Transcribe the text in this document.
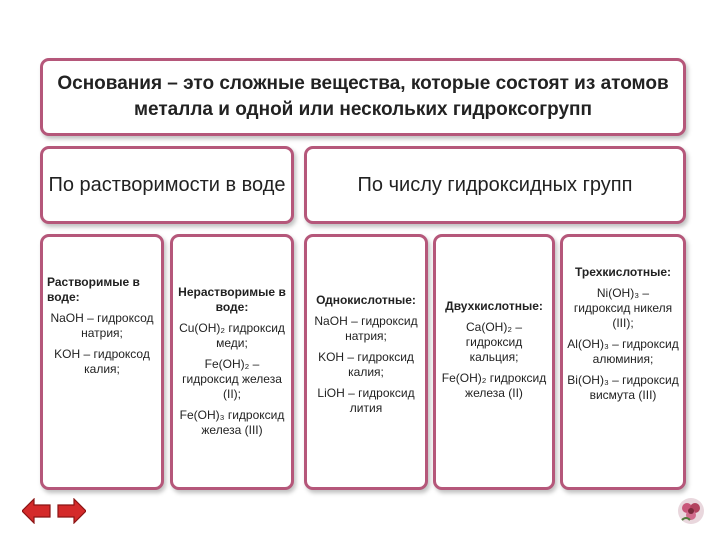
Основания – это сложные вещества, которые состоят из атомов металла и одной или нескольких гидроксогрупп
По растворимости в воде	По числу гидроксидных групп
Растворимые в воде:
NaOH – гидроксод натрия;
KOH – гидроксод калия;
Нерастворимые в воде:
Cu(OH)₂ гидроксид меди;
Fe(OH)₂ – гидроксид железа (II);
Fe(OH)₃ гидроксид железа (III)
Однокислотные:
NaOH – гидроксид натрия;
KOH – гидроксид калия;
LiOH – гидроксид лития
Двухкислотные:
Ca(OH)₂ – гидроксид кальция;
Fe(OH)₂ гидроксид железа (II)
Трехкислотные:
Ni(OH)₃ – гидроксид никеля (III);
Al(OH)₃ – гидроксид алюминия;
Bi(OH)₃ – гидроксид висмута (III)
